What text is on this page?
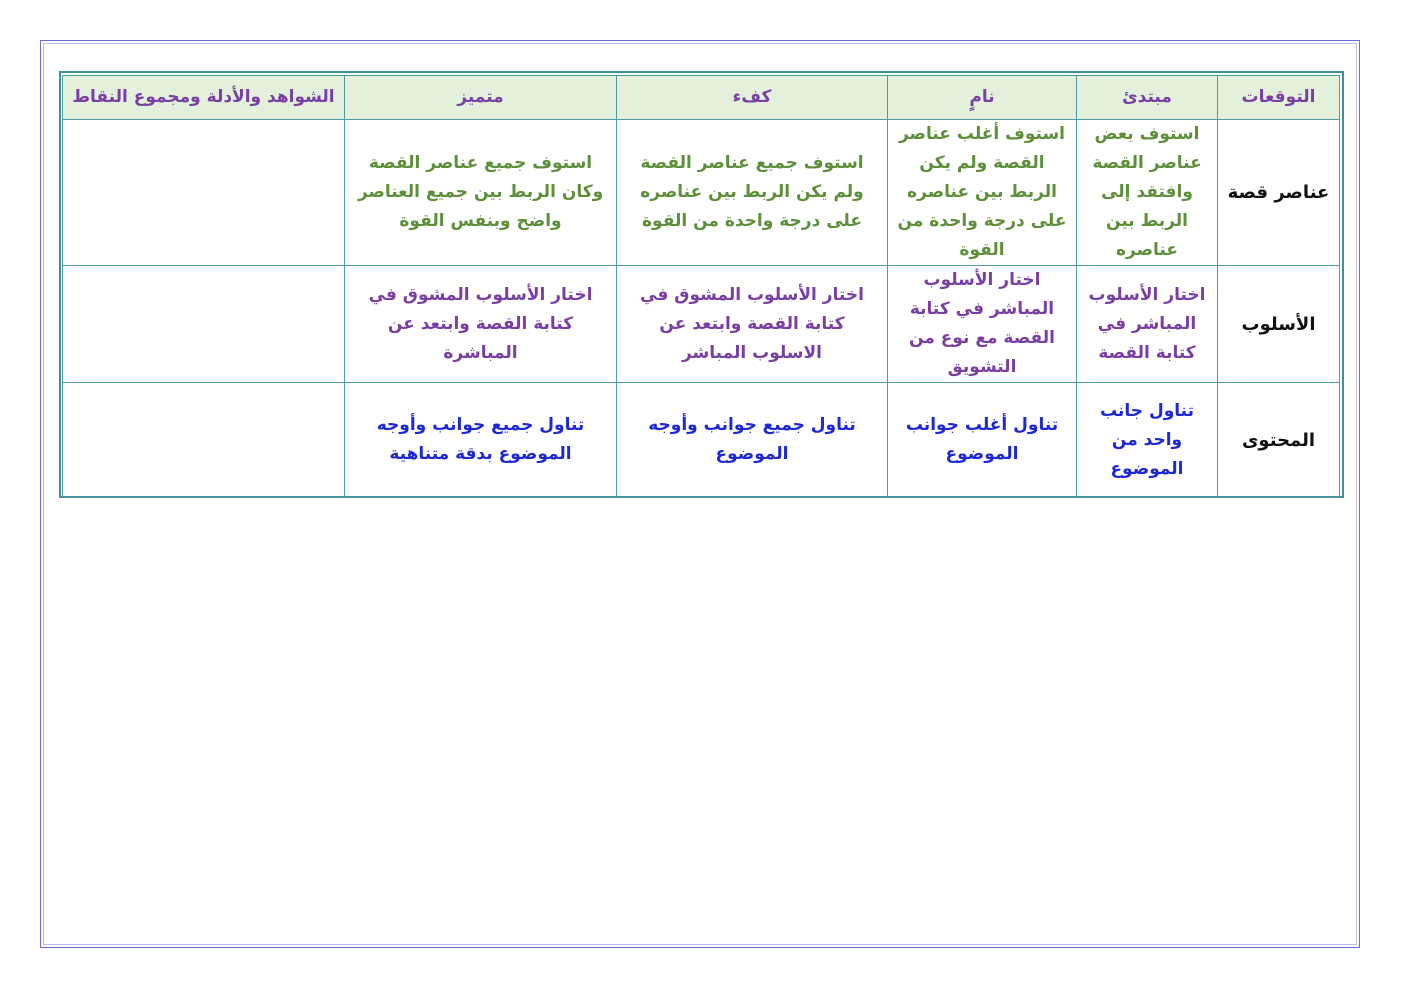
التوقعات	مبتدئ	نامٍ	كفء	متميز	الشواهد والأدلة ومجموع النقاط
عناصر قصة	استوف بعض عناصر القصة وافتقد إلى الربط بين عناصره	استوف أغلب عناصر القصة ولم يكن الربط بين عناصره على درجة واحدة من القوة	استوف جميع عناصر القصة ولم يكن الربط بين عناصره على درجة واحدة من القوة	استوف جميع عناصر القصة وكان الربط بين جميع العناصر واضح وبنفس القوة	
الأسلوب	اختار الأسلوب المباشر في كتابة القصة	اختار الأسلوب المباشر في كتابة القصة مع نوع من التشويق	اختار الأسلوب المشوق في كتابة القصة وابتعد عن الاسلوب المباشر	اختار الأسلوب المشوق في كتابة القصة وابتعد عن المباشرة	
المحتوى	تناول جانب واحد من الموضوع	تناول أغلب جوانب الموضوع	تناول جميع جوانب وأوجه الموضوع	تناول جميع جوانب وأوجه الموضوع بدقة متناهية	
